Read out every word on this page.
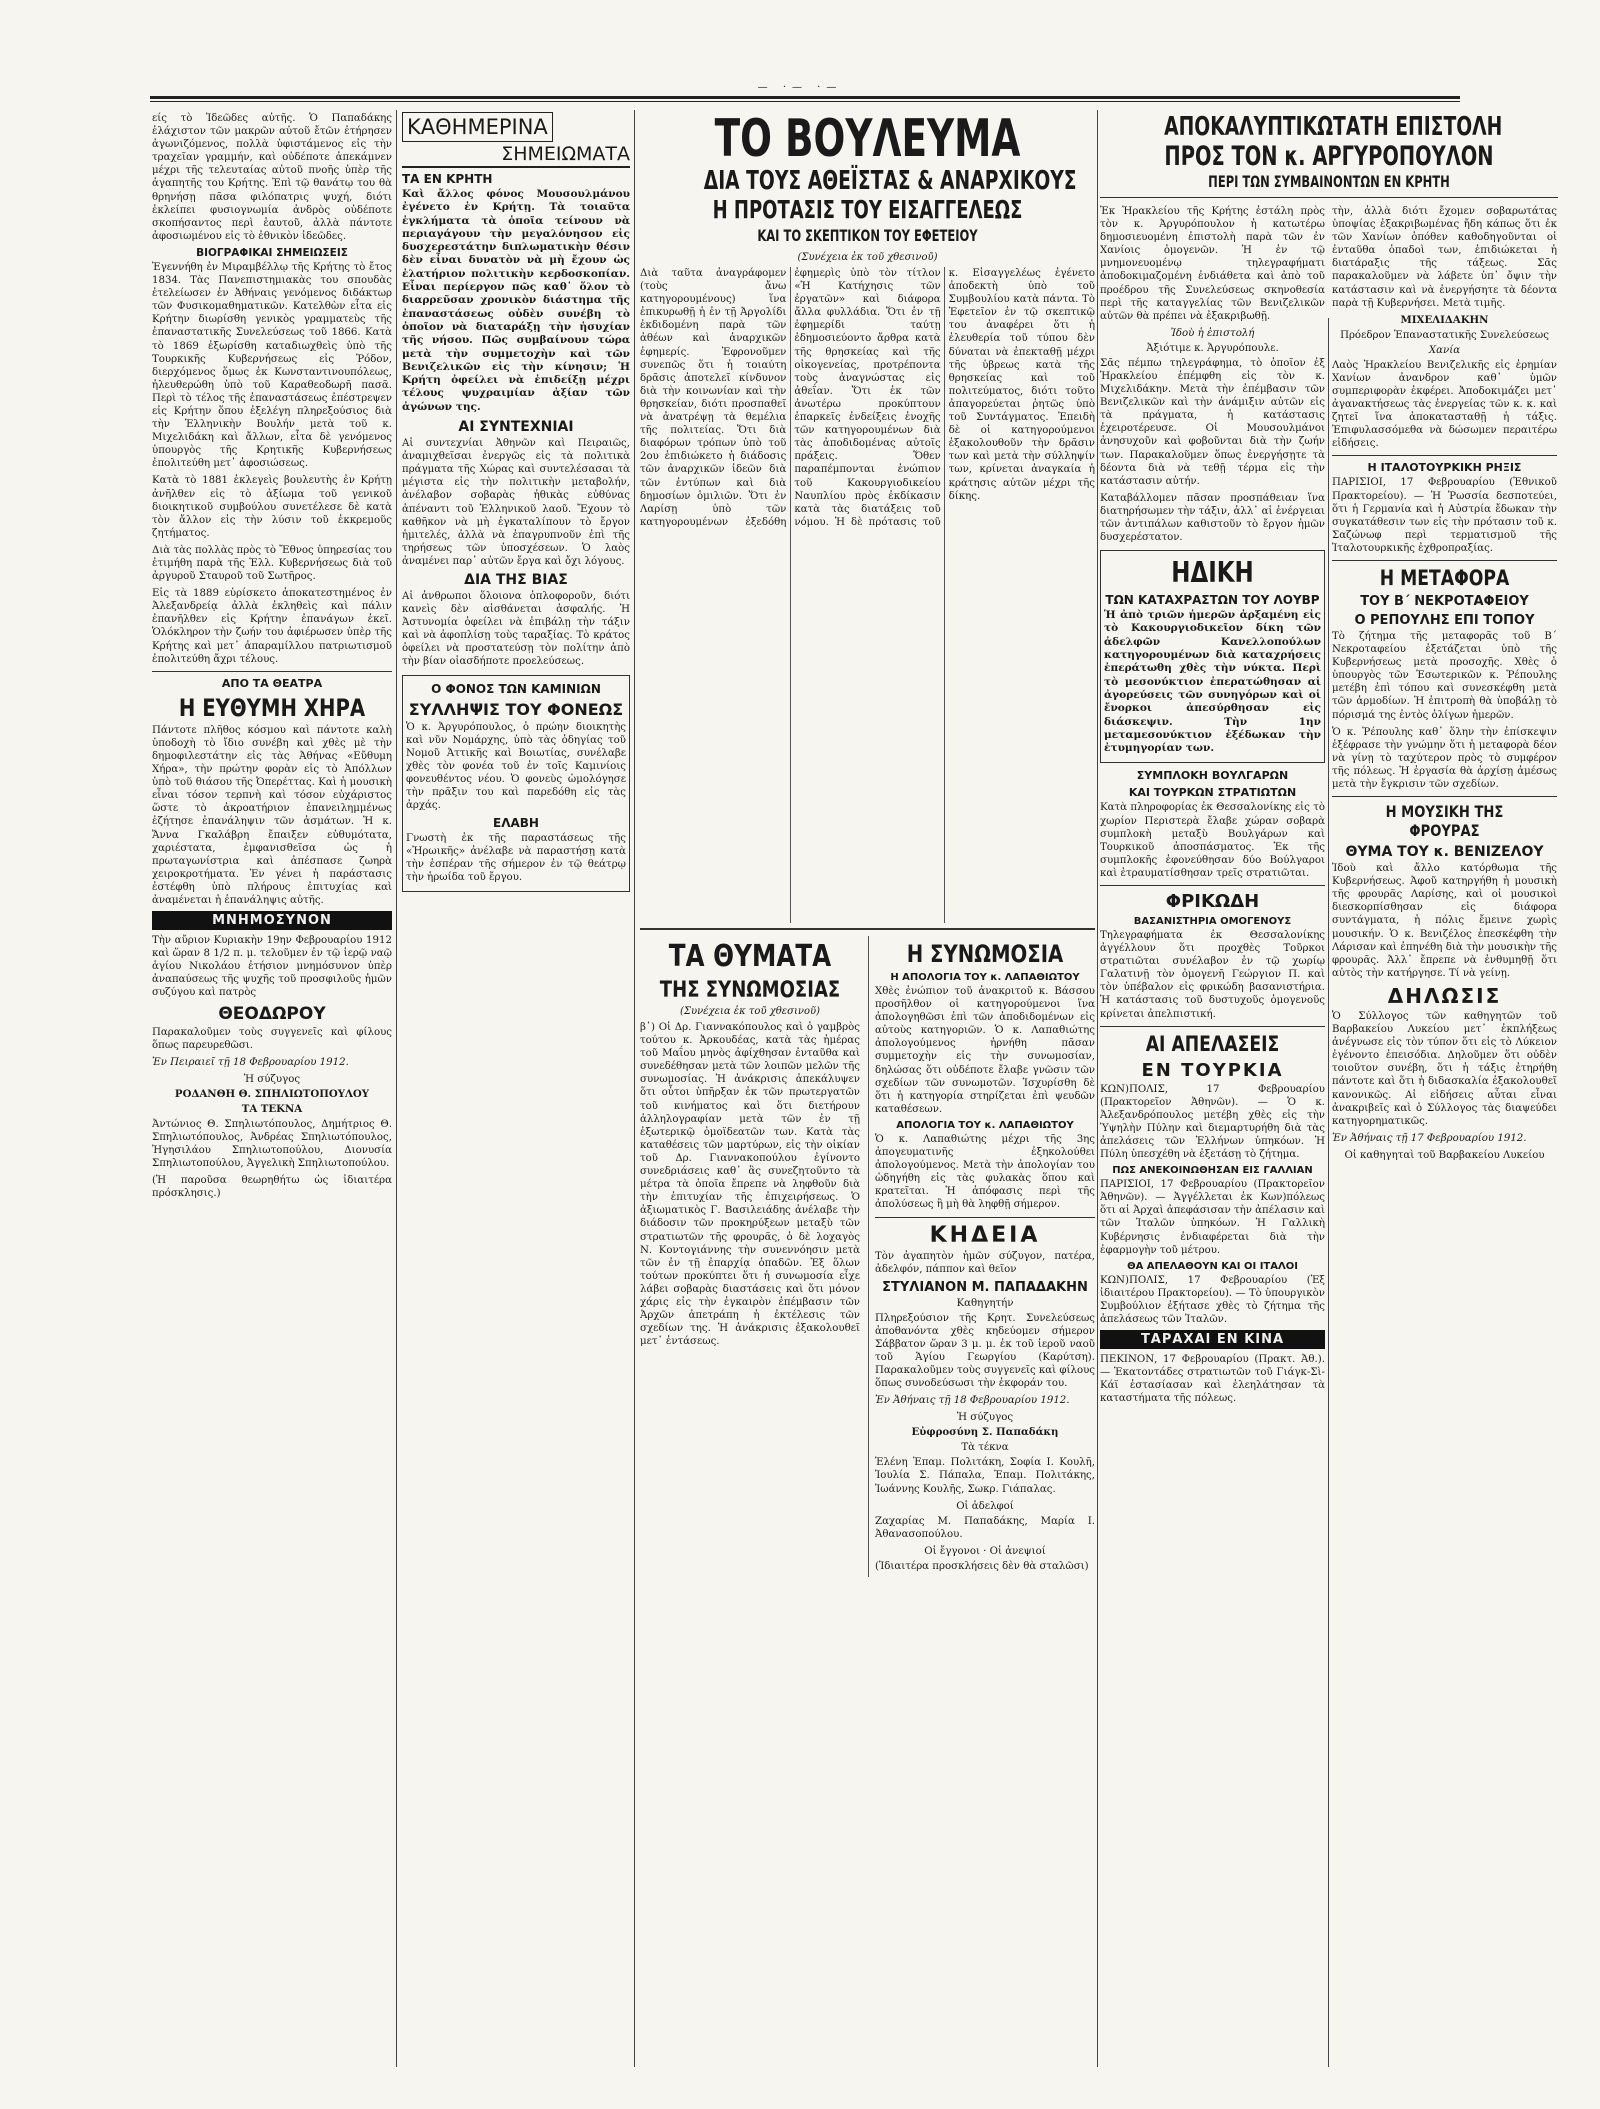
— ·— ·—

είς τὸ Ἰδεῶδες αὐτῆς. Ὁ Παπαδάκης ἐλάχιστον τῶν μακρῶν αὐτοῦ ἔτῶν ἐτήρησεν ἀγωνιζόμενος, πολλὰ ὑφιστάμενος εἰς τὴν τραχεῖαν γραμμήν, καὶ οὐδέποτε ἀπεκάμνεν μέχρι τῆς τελευταίας αὐτοῦ πνοῆς ὑπὲρ τῆς ἀγαπητῆς του Κρήτης. Ἐπὶ τῷ θανάτῳ του θὰ θρηνήσῃ πᾶσα φιλόπατρις ψυχή, διότι ἐκλείπει φυσιογνωμία ἀνδρὸς οὐδέποτε σκοπήσαντος περὶ ἑαυτοῦ, ἀλλὰ πάντοτε ἀφοσιωμένου εἰς τὸ ἐθνικὸν ἰδεῶδες.

ΒΙΟΓΡΑΦΙΚΑΙ ΣΗΜΕΙΩΣΕΙΣ

Ἐγεννήθη ἐν Μιραμβέλλῳ τῆς Κρήτης τὸ ἔτος 1834. Τὰς Πανεπιστημιακὰς του σπουδὰς ἐτελείωσεν ἐν Ἀθήναις γενόμενος διδάκτωρ τῶν Φυσικομαθηματικῶν. Κατελθὼν εἶτα εἰς Κρήτην διωρίσθη γενικὸς γραμματεὺς τῆς ἐπαναστατικῆς Συνελεύσεως τοῦ 1866. Κατὰ τὸ 1869 ἐξωρίσθη καταδιωχθεὶς ὑπὸ τῆς Τουρκικῆς Κυβερνήσεως εἰς Ῥόδον, διερχόμενος ὅμως ἐκ Κωνσταντινουπόλεως, ἠλευθερώθη ὑπὸ τοῦ Καραθεοδωρῆ πασᾶ. Περὶ τὸ τέλος τῆς ἐπαναστάσεως ἐπέστρεψεν εἰς Κρήτην ὅπου ἐξελέγη πληρεξούσιος διὰ τὴν Ἑλληνικὴν Βουλήν μετὰ τοῦ κ. Μιχελιδάκη καὶ ἄλλων, εἶτα δὲ γενόμενος ὑπουργὸς τῆς Κρητικῆς Κυβερνήσεως ἐπολιτεύθη μετ᾽ ἀφοσιώσεως.

Κατὰ τὸ 1881 ἐκλεγεὶς βουλευτὴς ἐν Κρήτῃ ἀνῆλθεν εἰς τὸ ἀξίωμα τοῦ γενικοῦ διοικητικοῦ συμβούλου συνετέλεσε δὲ κατὰ τὸν ἄλλον εἰς τὴν λύσιν τοῦ ἐκκρεμοῦς ζητήματος.

Διὰ τὰς πολλὰς πρὸς τὸ Ἔθνος ὑπηρεσίας του ἐτιμήθη παρὰ τῆς Ἑλλ. Κυβερνήσεως διὰ τοῦ ἀργυροῦ Σταυροῦ τοῦ Σωτῆρος.

Εἰς τὰ 1889 εὑρίσκετο ἀποκατεστημένος ἐν Ἀλεξανδρείᾳ ἀλλὰ ἐκληθεὶς καὶ πάλιν ἐπανῆλθεν εἰς Κρήτην ἐπανάγων ἐκεῖ. Ὁλόκληρον τὴν ζωήν του ἀφιέρωσεν ὑπὲρ τῆς Κρήτης καὶ μετ᾽ ἀπαραμίλλου πατριωτισμοῦ ἐπολιτεύθη ἄχρι τέλους.

ΑΠΟ ΤΑ ΘΕΑΤΡΑ
Η ΕΥΘΥΜΗ ΧΗΡΑ

Πάντοτε πλῆθος κόσμου καὶ πάντοτε καλὴ ὑποδοχὴ τὸ ἴδιο συνέβη καὶ χθὲς μὲ τὴν δημοφιλεστάτην εἰς τὰς Ἀθήνας «Εὔθυμη Χήρα», τὴν πρώτην φορὰν εἰς τὸ Ἀπόλλων ὑπὸ τοῦ θιάσου τῆς Ὀπερέττας. Καὶ ἡ μουσικὴ εἶναι τόσον τερπνὴ καὶ τόσον εὐχάριστος ὥστε τὸ ἀκροατήριον ἐπανειλημμένως ἐζήτησε ἐπανάληψιν τῶν ἀσμάτων. Ἡ κ. Ἄννα Γκαλάβρη ἔπαιξεν εὐθυμότατα, χαριέστατα, ἐμφανισθεῖσα ὡς ἡ πρωταγωνίστρια καὶ ἀπέσπασε ζωηρὰ χειροκροτήματα. Ἐν γένει ἡ παράστασις ἐστέφθη ὑπὸ πλήρους ἐπιτυχίας καὶ ἀναμένεται ἡ ἐπανάληψις αὐτῆς.

ΜΝΗΜΟΣΥΝΟΝ

Τὴν αὔριον Κυριακὴν 19ην Φεβρουαρίου 1912 καὶ ὥραν 8 1/2 π. μ. τελοῦμεν ἐν τῷ ἱερῷ ναῷ ἁγίου Νικολάου ἐτήσιον μνημόσυνον ὑπὲρ ἀναπαύσεως τῆς ψυχῆς τοῦ προσφιλοῦς ἡμῶν συζύγου καὶ πατρὸς

ΘΕΟΔΩΡΟΥ

Παρακαλοῦμεν τοὺς συγγενεῖς καὶ φίλους ὅπως παρευρεθῶσι.

Ἐν Πειραιεῖ τῇ 18 Φεβρουαρίου 1912.

Ἡ σύζυγος
ΡΟΔΑΝΘΗ Θ. ΣΠΗΛΙΩΤΟΠΟΥΛΟΥ
ΤΑ ΤΕΚΝΑ

Ἀντώνιος Θ. Σπηλιωτόπουλος, Δημήτριος Θ. Σπηλιωτόπουλος, Ἀνδρέας Σπηλιωτόπουλος, Ἠγησιλάου Σπηλιωτοπούλου, Διονυσία Σπηλιωτοπούλου, Ἀγγελικὴ Σπηλιωτοπούλου.

(Ἡ παροῦσα θεωρηθήτω ὡς ἰδιαιτέρα πρόσκλησις.)

ΚΑΘΗΜΕΡΙΝΑ
ΣΗΜΕΙΩΜΑΤΑ
ΤΑ ΕΝ ΚΡΗΤΗ

Καὶ ἄλλος φόνος Μουσουλμάνου ἐγένετο ἐν Κρήτῃ. Τὰ τοιαῦτα ἐγκλήματα τὰ ὁποῖα τείνουν νὰ περιαγάγουν τὴν μεγαλόνησον εἰς δυσχερεστάτην διπλωματικὴν θέσιν δὲν εἶναι δυνατὸν νὰ μὴ ἔχουν ὡς ἐλατήριον πολιτικὴν κερδοσκοπίαν. Εἶναι περίεργον πῶς καθ᾽ ὅλον τὸ διαρρεῦσαν χρονικὸν διάστημα τῆς ἐπαναστάσεως οὐδὲν συνέβη τὸ ὁποῖον νὰ διαταράξῃ τὴν ἡσυχίαν τῆς νήσου. Πῶς συμβαίνουν τώρα μετὰ τὴν συμμετοχὴν καὶ τῶν Βενιζελικῶν εἰς τὴν κίνησιν; Ἡ Κρήτη ὀφείλει νὰ ἐπιδείξῃ μέχρι τέλους ψυχραιμίαν ἀξίαν τῶν ἀγώνων της.

ΑΙ ΣΥΝΤΕΧΝΙΑΙ

Αἱ συντεχνίαι Ἀθηνῶν καὶ Πειραιῶς, ἀναμιχθεῖσαι ἐνεργῶς εἰς τὰ πολιτικὰ πράγματα τῆς Χώρας καὶ συντελέσασαι τὰ μέγιστα εἰς τὴν πολιτικὴν μεταβολήν, ἀνέλαβον σοβαρὰς ἠθικὰς εὐθύνας ἀπέναντι τοῦ Ἑλληνικοῦ λαοῦ. Ἔχουν τὸ καθῆκον νὰ μὴ ἐγκαταλίπουν τὸ ἔργον ἡμιτελές, ἀλλὰ νὰ ἐπαγρυπνοῦν ἐπὶ τῆς τηρήσεως τῶν ὑποσχέσεων. Ὁ λαὸς ἀναμένει παρ᾽ αὐτῶν ἔργα καὶ ὄχι λόγους.

ΔΙΑ ΤΗΣ ΒΙΑΣ

Αἱ ἀνθρωποι ὅλοιονα ὁπλοφοροῦν, διότι κανεὶς δὲν αἰσθάνεται ἀσφαλής. Ἡ Ἀστυνομία ὀφείλει νὰ ἐπιβάλῃ τὴν τάξιν καὶ νὰ ἀφοπλίσῃ τοὺς ταραξίας. Τὸ κράτος ὀφείλει νὰ προστατεύσῃ τὸν πολίτην ἀπὸ τὴν βίαν οἱασδήποτε προελεύσεως.

Ο ΦΟΝΟΣ ΤΩΝ ΚΑΜΙΝΙΩΝ
ΣΥΛΛΗΨΙΣ ΤΟΥ ΦΟΝΕΩΣ

Ὁ κ. Ἀργυρόπουλος, ὁ πρώην διοικητὴς καὶ νῦν Νομάρχης, ὑπὸ τὰς ὁδηγίας τοῦ Νομοῦ Ἀττικῆς καὶ Βοιωτίας, συνέλαβε χθὲς τὸν φονέα τοῦ ἐν τοῖς Καμινίοις φονευθέντος νέου. Ὁ φονεὺς ὡμολόγησε τὴν πρᾶξιν του καὶ παρεδόθη εἰς τὰς ἀρχάς.

ΕΛΑΒΗ

Γνωστὴ ἐκ τῆς παραστάσεως τῆς «Ἠρωικῆς» ἀνέλαβε νὰ παραστήσῃ κατὰ τὴν ἑσπέραν τῆς σήμερον ἐν τῷ θεάτρῳ τὴν ἡρωίδα τοῦ ἔργου.

ΤΟ ΒΟΥΛΕΥΜΑ
ΔΙΑ ΤΟΥΣ ΑΘΕΪΣΤΑΣ & ΑΝΑΡΧΙΚΟΥΣ
Η ΠΡΟΤΑΣΙΣ ΤΟΥ ΕΙΣΑΓΓΕΛΕΩΣ
ΚΑΙ ΤΟ ΣΚΕΠΤΙΚΟΝ ΤΟΥ ΕΦΕΤΕΙΟΥ
(Συνέχεια ἐκ τοῦ χθεσινοῦ)

Διὰ ταῦτα ἀναγράφομεν (τοὺς ἄνω κατηγορουμένους) ἵνα ἐπικυρωθῇ ἡ ἐν τῇ Ἀργολίδι ἐκδιδομένη παρὰ τῶν ἀθέων καὶ ἀναρχικῶν ἐφημερίς. Ἐφρονοῦμεν συνεπῶς ὅτι ἡ τοιαύτη δρᾶσις ἀποτελεῖ κίνδυνον διὰ τὴν κοινωνίαν καὶ τὴν θρησκείαν, διότι προσπαθεῖ νὰ ἀνατρέψῃ τὰ θεμέλια τῆς πολιτείας. Ὅτι διὰ διαφόρων τρόπων ὑπὸ τοῦ 2ου ἐπιδιώκετο ἡ διάδοσις τῶν ἀναρχικῶν ἰδεῶν διὰ τῶν ἐντύπων καὶ διὰ δημοσίων ὁμιλιῶν. Ὅτι ἐν Λαρίσῃ ὑπὸ τῶν κατηγορουμένων ἐξεδόθη ἐφημερὶς ὑπὸ τὸν τίτλον «Ἡ Κατήχησις τῶν ἐργατῶν» καὶ διάφορα ἄλλα φυλλάδια. Ὅτι ἐν τῇ ἐφημερίδι ταύτῃ ἐδημοσιεύοντο ἄρθρα κατὰ τῆς θρησκείας καὶ τῆς οἰκογενείας, προτρέποντα τοὺς ἀναγνώστας εἰς ἀθεΐαν. Ὅτι ἐκ τῶν ἀνωτέρω προκύπτουν ἐπαρκεῖς ἐνδείξεις ἐνοχῆς τῶν κατηγορουμένων διὰ τὰς ἀποδιδομένας αὐτοῖς πράξεις. Ὅθεν παραπέμπονται ἐνώπιον τοῦ Κακουργιοδικείου Ναυπλίου πρὸς ἐκδίκασιν κατὰ τὰς διατάξεις τοῦ νόμου. Ἡ δὲ πρότασις τοῦ κ. Εἰσαγγελέως ἐγένετο ἀποδεκτὴ ὑπὸ τοῦ Συμβουλίου κατὰ πάντα. Τὸ Ἐφετεῖον ἐν τῷ σκεπτικῷ του ἀναφέρει ὅτι ἡ ἐλευθερία τοῦ τύπου δὲν δύναται νὰ ἐπεκταθῇ μέχρι τῆς ὑβρεως κατὰ τῆς θρησκείας καὶ τοῦ πολιτεύματος, διότι τοῦτο ἀπαγορεύεται ῥητῶς ὑπὸ τοῦ Συντάγματος. Ἐπειδὴ δὲ οἱ κατηγορούμενοι ἐξακολουθοῦν τὴν δρᾶσιν των καὶ μετὰ τὴν σύλληψίν των, κρίνεται ἀναγκαία ἡ κράτησις αὐτῶν μέχρι τῆς δίκης.

ΤΑ ΘΥΜΑΤΑ
ΤΗΣ ΣΥΝΩΜΟΣΙΑΣ
(Συνέχεια ἐκ τοῦ χθεσινοῦ)

β᾽) Οἱ Δρ. Γιαννακόπουλος καὶ ὁ γαμβρὸς τούτου κ. Ἀρκουδέας, κατὰ τὰς ἡμέρας τοῦ Μαΐου μηνὸς ἀφίχθησαν ἐνταῦθα καὶ συνεδέθησαν μετὰ τῶν λοιπῶν μελῶν τῆς συνωμοσίας. Ἡ ἀνάκρισις ἀπεκάλυψεν ὅτι οὗτοι ὑπῆρξαν ἐκ τῶν πρωτεργατῶν τοῦ κινήματος καὶ ὅτι διετήρουν ἀλληλογραφίαν μετὰ τῶν ἐν τῇ ἐξωτερικῷ ὁμοϊδεατῶν των. Κατὰ τὰς καταθέσεις τῶν μαρτύρων, εἰς τὴν οἰκίαν τοῦ Δρ. Γιαννακοπούλου ἐγίνοντο συνεδριάσεις καθ᾽ ἃς συνεζητοῦντο τὰ μέτρα τὰ ὁποῖα ἔπρεπε νὰ ληφθοῦν διὰ τὴν ἐπιτυχίαν τῆς ἐπιχειρήσεως. Ὁ ἀξιωματικὸς Γ. Βασιλειάδης ἀνέλαβε τὴν διάδοσιν τῶν προκηρύξεων μεταξὺ τῶν στρατιωτῶν τῆς φρουρᾶς, ὁ δὲ λοχαγὸς Ν. Κοντογιάννης τὴν συνεννόησιν μετὰ τῶν ἐν τῇ ἐπαρχίᾳ ὀπαδῶν. Ἐξ ὅλων τούτων προκύπτει ὅτι ἡ συνωμοσία εἶχε λάβει σοβαρὰς διαστάσεις καὶ ὅτι μόνον χάρις εἰς τὴν ἐγκαιρὸν ἐπέμβασιν τῶν Ἀρχῶν ἀπετράπη ἡ ἐκτέλεσις τῶν σχεδίων της. Ἡ ἀνάκρισις ἐξακολουθεῖ μετ᾽ ἐντάσεως.

Η ΣΥΝΩΜΟΣΙΑ
Η ΑΠΟΛΟΓΙΑ ΤΟΥ κ. ΛΑΠΑΘΙΩΤΟΥ

Χθὲς ἐνώπιον τοῦ ἀνακριτοῦ κ. Βάσσου προσῆλθον οἱ κατηγορούμενοι ἵνα ἀπολογηθῶσι ἐπὶ τῶν ἀποδιδομένων εἰς αὐτοὺς κατηγοριῶν. Ὁ κ. Λαπαθιώτης ἀπολογούμενος ἠρνήθη πᾶσαν συμμετοχὴν εἰς τὴν συνωμοσίαν, δηλώσας ὅτι οὐδέποτε ἔλαβε γνῶσιν τῶν σχεδίων τῶν συνωμοτῶν. Ἰσχυρίσθη δὲ ὅτι ἡ κατηγορία στηρίζεται ἐπὶ ψευδῶν καταθέσεων.

ΑΠΟΛΟΓΙΑ ΤΟΥ κ. ΛΑΠΑΘΙΩΤΟΥ

Ὁ κ. Λαπαθιώτης μέχρι τῆς 3ης ἀπογευματινῆς ἐξηκολούθει ἀπολογούμενος. Μετὰ τὴν ἀπολογίαν του ὡδηγήθη εἰς τὰς φυλακὰς ὅπου καὶ κρατεῖται. Ἡ ἀπόφασις περὶ τῆς ἀπολύσεως ἢ μὴ θὰ ληφθῇ σήμερον.

ΚΗΔΕΙΑ

Τὸν ἀγαπητὸν ἡμῶν σύζυγον, πατέρα, ἀδελφόν, πάππον καὶ θεῖον

ΣΤΥΛΙΑΝΟΝ Μ. ΠΑΠΑΔΑΚΗΝ
Καθηγητήν

Πληρεξούσιον τῆς Κρητ. Συνελεύσεως ἀποθανόντα χθὲς κηδεύομεν σήμερον Σάββατον ὥραν 3 μ. μ. ἐκ τοῦ ἱεροῦ ναοῦ τοῦ Ἁγίου Γεωργίου (Καρύτση). Παρακαλοῦμεν τοὺς συγγενεῖς καὶ φίλους ὅπως συνοδεύσωσι τὴν ἐκφοράν του.

Ἐν Ἀθήναις τῇ 18 Φεβρουαρίου 1912.

Ἡ σύζυγος
Εὐφροσύνη Σ. Παπαδάκη
Τὰ τέκνα

Ἑλένη Ἐπαμ. Πολιτάκη, Σοφία Ι. Κουλῆ, Ἰουλία Σ. Πάπαλα, Ἐπαμ. Πολιτάκης, Ἰωάννης Κουλῆς, Σωκρ. Γιάπαλας.

Οἱ ἀδελφοί

Ζαχαρίας Μ. Παπαδάκης, Μαρία Ι. Ἀθανασοπούλου.

Οἱ ἔγγονοι · Οἱ ἀνεψιοί

(Ἰδιαιτέρα προσκλήσεις δὲν θὰ σταλῶσι)

ΑΠΟΚΑΛΥΠΤΙΚΩΤΑΤΗ ΕΠΙΣΤΟΛΗ
ΠΡΟΣ ΤΟΝ κ. ΑΡΓΥΡΟΠΟΥΛΟΝ
ΠΕΡΙ ΤΩΝ ΣΥΜΒΑΙΝΟΝΤΩΝ ΕΝ ΚΡΗΤΗ

Ἐκ Ἡρακλείου τῆς Κρήτης ἐστάλη πρὸς τὸν κ. Ἀργυρόπουλον ἡ κατωτέρω δημοσιευομένη ἐπιστολὴ παρὰ τῶν ἐν Χανίοις ὁμογενῶν. Ἡ ἐν τῷ μνημονευομένῳ τηλεγραφήματι ἀποδοκιμαζομένη ἐνδιάθετα καὶ ἀπὸ τοῦ προέδρου τῆς Συνελεύσεως σκηνοθεσία περὶ τῆς καταγγελίας τῶν Βενιζελικῶν αὐτῶν θὰ πρέπει νὰ ἐξακριβωθῇ.

Ἰδοὺ ἡ ἐπιστολή
Ἀξιότιμε κ. Ἀργυρόπουλε.

Σᾶς πέμπω τηλεγράφημα, τὸ ὁποῖον ἐξ Ἡρακλείου ἐπέμφθη εἰς τὸν κ. Μιχελιδάκην. Μετὰ τὴν ἐπέμβασιν τῶν Βενιζελικῶν καὶ τὴν ἀνάμιξιν αὐτῶν εἰς τὰ πράγματα, ἡ κατάστασις ἐχειροτέρευσε. Οἱ Μουσουλμάνοι ἀνησυχοῦν καὶ φοβοῦνται διὰ τὴν ζωήν των. Παρακαλοῦμεν ὅπως ἐνεργήσῃτε τὰ δέοντα διὰ νὰ τεθῇ τέρμα εἰς τὴν κατάστασιν αὐτήν.

Καταβάλλομεν πᾶσαν προσπάθειαν ἵνα διατηρήσωμεν τὴν τάξιν, ἀλλ᾽ αἱ ἐνέργειαι τῶν ἀντιπάλων καθιστοῦν τὸ ἔργον ἡμῶν δυσχερέστατον.

ΗΔΙΚΗ
ΤΩΝ ΚΑΤΑΧΡΑΣΤΩΝ ΤΟΥ ΛΟΥΒΡ

Ἡ ἀπὸ τριῶν ἡμερῶν ἀρξαμένη εἰς τὸ Κακουργιοδικεῖον δίκη τῶν ἀδελφῶν Κανελλοπούλων κατηγορουμένων διὰ καταχρήσεις ἐπεράτωθη χθὲς τὴν νύκτα. Περὶ τὸ μεσονύκτιον ἐπερατώθησαν αἱ ἀγορεύσεις τῶν συνηγόρων καὶ οἱ ἔνορκοι ἀπεσύρθησαν εἰς διάσκεψιν. Τὴν 1ην μεταμεσονύκτιον ἐξέδωκαν τὴν ἐτυμηγορίαν των.

ΣΥΜΠΛΟΚΗ ΒΟΥΛΓΑΡΩΝ
ΚΑΙ ΤΟΥΡΚΩΝ ΣΤΡΑΤΙΩΤΩΝ

Κατὰ πληροφορίας ἐκ Θεσσαλονίκης εἰς τὸ χωρίον Περιστερὰ ἔλαβε χώραν σοβαρὰ συμπλοκὴ μεταξὺ Βουλγάρων καὶ Τουρκικοῦ ἀποσπάσματος. Ἐκ τῆς συμπλοκῆς ἐφονεύθησαν δύο Βούλγαροι καὶ ἐτραυματίσθησαν τρεῖς στρατιῶται.

ΦΡΙΚΩΔΗ
ΒΑΣΑΝΙΣΤΗΡΙΑ ΟΜΟΓΕΝΟΥΣ

Τηλεγραφήματα ἐκ Θεσσαλονίκης ἀγγέλλουν ὅτι προχθὲς Τοῦρκοι στρατιῶται συνέλαβον ἐν τῷ χωρίῳ Γαλατινῇ τὸν ὁμογενῆ Γεώργιον Π. καὶ τὸν ὑπέβαλον εἰς φρικώδη βασανιστήρια. Ἡ κατάστασις τοῦ δυστυχοῦς ὁμογενοῦς κρίνεται ἀπελπιστική.

ΑΙ ΑΠΕΛΑΣΕΙΣ
ΕΝ ΤΟΥΡΚΙΑ

ΚΩΝ)ΠΟΛΙΣ, 17 Φεβρουαρίου (Πρακτορεῖον Ἀθηνῶν). — Ὁ κ. Ἀλεξανδρόπουλος μετέβη χθὲς εἰς τὴν Ὑψηλὴν Πύλην καὶ διεμαρτυρήθη διὰ τὰς ἀπελάσεις τῶν Ἑλλήνων ὑπηκόων. Ἡ Πύλη ὑπεσχέθη νὰ ἐξετάσῃ τὸ ζήτημα.

ΠΩΣ ΑΝΕΚΟΙΝΩΘΗΣΑΝ ΕΙΣ ΓΑΛΛΙΑΝ

ΠΑΡΙΣΙΟΙ, 17 Φεβρουαρίου (Πρακτορεῖον Ἀθηνῶν). — Ἀγγέλλεται ἐκ Κων)πόλεως ὅτι αἱ Ἀρχαὶ ἀπεφάσισαν τὴν ἀπέλασιν καὶ τῶν Ἰταλῶν ὑπηκόων. Ἡ Γαλλικὴ Κυβέρνησις ἐνδιαφέρεται διὰ τὴν ἐφαρμογὴν τοῦ μέτρου.

ΘΑ ΑΠΕΛΑΘΟΥΝ ΚΑΙ ΟΙ ΙΤΑΛΟΙ

ΚΩΝ)ΠΟΛΙΣ, 17 Φεβρουαρίου (Ἐξ ἰδιαιτέρου Πρακτορείου). — Τὸ ὑπουργικὸν Συμβούλιον ἐξήτασε χθὲς τὸ ζήτημα τῆς ἀπελάσεως τῶν Ἰταλῶν.

ΤΑΡΑΧΑΙ ΕΝ ΚΙΝΑ

ΠΕΚΙΝΟΝ, 17 Φεβρουαρίου (Πρακτ. Ἀθ.). — Ἑκατοντάδες στρατιωτῶν τοῦ Γιάγκ-Σὶ-Κάϊ ἐστασίασαν καὶ ἐλεηλάτησαν τὰ καταστήματα τῆς πόλεως.

τὴν, ἀλλὰ διότι ἔχομεν σοβαρωτάτας ὑποψίας ἐξακριβωμένας ἤδη κάπως ὅτι ἐκ τῶν Χανίων ὁπόθεν καθοδηγοῦνται οἱ ἐνταῦθα ὁπαδοὶ των, ἐπιδιώκεται ἡ διατάραξις τῆς τάξεως. Σᾶς παρακαλοῦμεν νὰ λάβετε ὑπ᾽ ὄψιν τὴν κατάστασιν καὶ νὰ ἐνεργήσητε τὰ δέοντα παρὰ τῇ Κυβερνήσει. Μετὰ τιμῆς.

ΜΙΧΕΛΙΔΑΚΗΝ
Πρόεδρον Ἐπαναστατικῆς Συνελεύσεως
Χανία

Λαὸς Ἡρακλείου Βενιζελικῆς εἰς ἐρημίαν Χανίων ἀνανδρον καθ᾽ ὑμῶν συμπεριφορὰν ἐκφέρει. Ἀποδοκιμάζει μετ᾽ ἀγανακτήσεως τὰς ἐνεργείας τῶν κ. κ. καὶ ζητεῖ ἵνα ἀποκατασταθῇ ἡ τάξις. Ἐπιφυλασσόμεθα νὰ δώσωμεν περαιτέρω εἰδήσεις.

Η ΙΤΑΛΟΤΟΥΡΚΙΚΗ ΡΗΞΙΣ

ΠΑΡΙΣΙΟΙ, 17 Φεβρουαρίου (Ἐθνικοῦ Πρακτορείου). — Ἡ Ῥωσσία δεσποτεύει, ὅτι ἡ Γερμανία καὶ ἡ Αὐστρία ἔδωκαν τὴν συγκατάθεσιν των εἰς τὴν πρότασιν τοῦ κ. Σαζώνωφ περὶ τερματισμοῦ τῆς Ἰταλοτουρκικῆς ἐχθροπραξίας.

Η ΜΕΤΑΦΟΡΑ
ΤΟΥ Β΄ ΝΕΚΡΟΤΑΦΕΙΟΥ
Ο ΡΕΠΟΥΛΗΣ ΕΠΙ ΤΟΠΟΥ

Τὸ ζήτημα τῆς μεταφορᾶς τοῦ Β΄ Νεκροταφείου ἐξετάζεται ὑπὸ τῆς Κυβερνήσεως μετὰ προσοχῆς. Χθὲς ὁ ὑπουργὸς τῶν Ἐσωτερικῶν κ. Ῥέπουλης μετέβη ἐπὶ τόπου καὶ συνεσκέφθη μετὰ τῶν ἁρμοδίων. Ἡ ἐπιτροπὴ θὰ ὑποβάλῃ τὸ πόρισμά της ἐντὸς ὀλίγων ἡμερῶν.

Ὁ κ. Ῥέπουλης καθ᾽ ὅλην τὴν ἐπίσκεψιν ἐξέφρασε τὴν γνώμην ὅτι ἡ μεταφορὰ δέον νὰ γίνῃ τὸ ταχύτερον πρὸς τὸ συμφέρον τῆς πόλεως. Ἡ ἐργασία θὰ ἀρχίσῃ ἀμέσως μετὰ τὴν ἔγκρισιν τῶν σχεδίων.

Η ΜΟΥΣΙΚΗ ΤΗΣ ΦΡΟΥΡΑΣ
ΘΥΜΑ ΤΟΥ κ. ΒΕΝΙΖΕΛΟΥ

Ἰδοὺ καὶ ἄλλο κατόρθωμα τῆς Κυβερνήσεως. Ἀφοῦ κατηργήθη ἡ μουσικὴ τῆς φρουρᾶς Λαρίσης, καὶ οἱ μουσικοὶ διεσκορπίσθησαν εἰς διάφορα συντάγματα, ἡ πόλις ἔμεινε χωρὶς μουσικήν. Ὁ κ. Βενιζέλος ἐπεσκέφθη τὴν Λάρισαν καὶ ἐπηνέθη διὰ τὴν μουσικὴν τῆς φρουρᾶς. Ἀλλ᾽ ἔπρεπε νὰ ἐνθυμηθῇ ὅτι αὐτὸς τὴν κατήργησε. Τί νὰ γείνῃ.

ΔΗΛΩΣΙΣ

Ὁ Σύλλογος τῶν καθηγητῶν τοῦ Βαρβακείου Λυκείου μετ᾽ ἐκπλήξεως ἀνέγνωσε εἰς τὸν τύπον ὅτι εἰς τὸ Λύκειον ἐγένοντο ἐπεισόδια. Δηλοῦμεν ὅτι οὐδὲν τοιοῦτον συνέβη, ὅτι ἡ τάξις ἐτηρήθη πάντοτε καὶ ὅτι ἡ διδασκαλία ἐξακολουθεῖ κανονικῶς. Αἱ εἰδήσεις αὗται εἶναι ἀνακριβεῖς καὶ ὁ Σύλλογος τὰς διαψεύδει κατηγορηματικῶς.

Ἐν Ἀθήναις τῇ 17 Φεβρουαρίου 1912.

Οἱ καθηγηταὶ τοῦ Βαρβακείου Λυκείου
